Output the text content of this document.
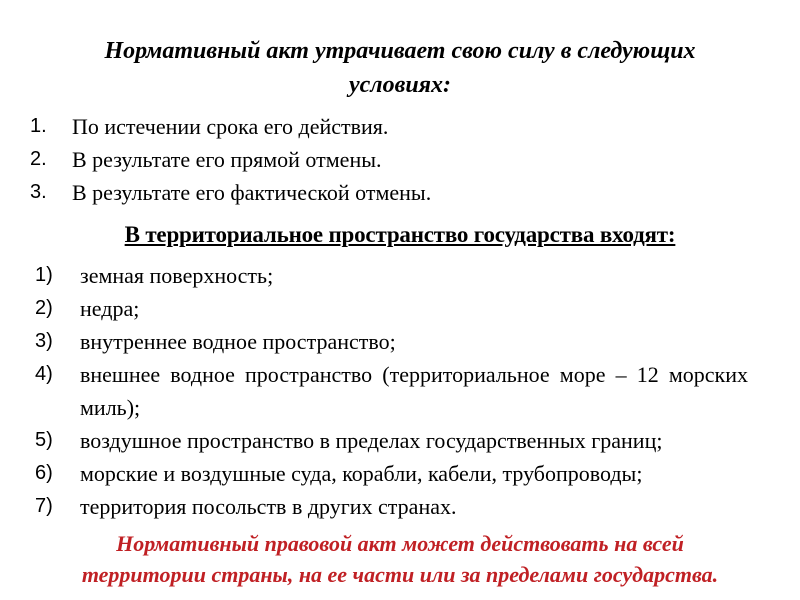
Нормативный акт утрачивает свою силу в следующих условиях:
1.	По истечении срока его действия.
2.	В результате его прямой отмены.
3.	В результате его фактической отмены.
В территориальное пространство государства входят:
1)	земная поверхность;
2)	недра;
3)	внутреннее водное пространство;
4)	внешнее водное пространство (территориальное море – 12 морских миль);
5)	воздушное пространство в пределах государственных границ;
6)	морские и воздушные суда, корабли, кабели, трубопроводы;
7)	территория посольств в других странах.

Нормативный правовой акт может действовать на всей территории страны, на ее части или за пределами государства.
